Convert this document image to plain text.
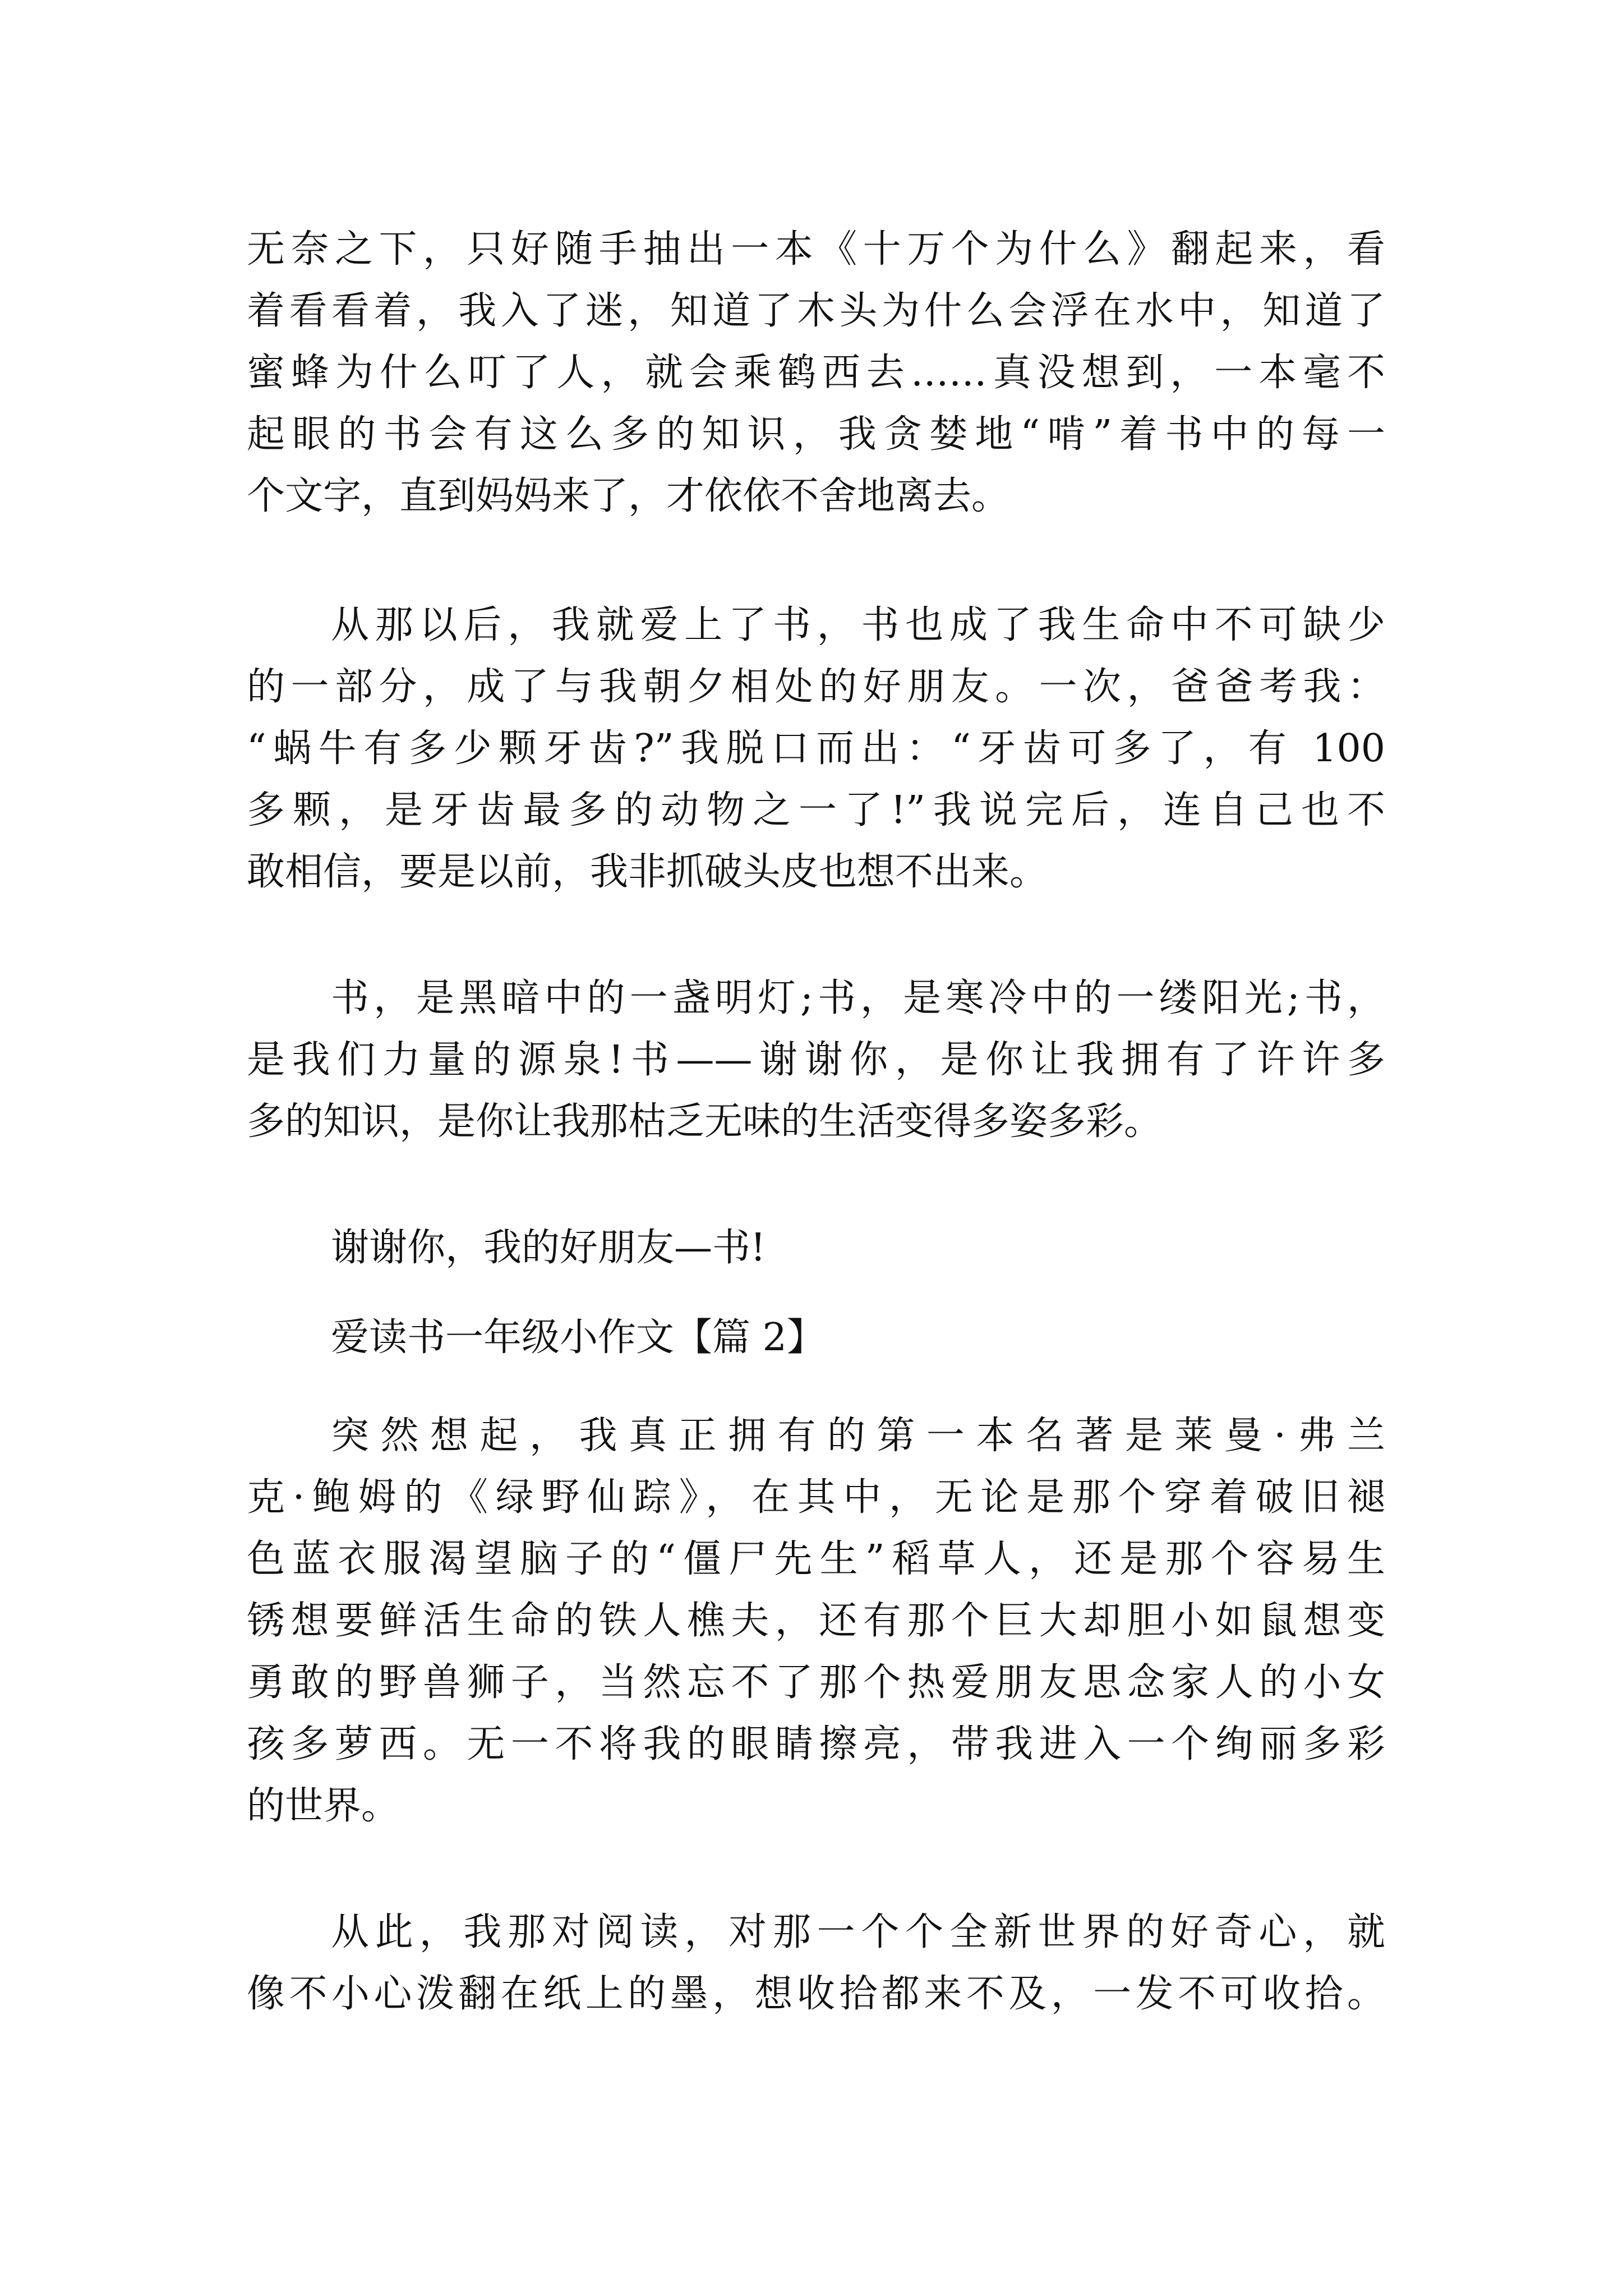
无奈之下，只好随手抽出一本《十万个为什么》翻起来，看
着看看着，我入了迷，知道了木头为什么会浮在水中，知道了
蜜蜂为什么叮了人，就会乘鹤西去……真没想到，一本毫不
起眼的书会有这么多的知识，我贪婪地“啃”着书中的每一
个文字，直到妈妈来了，才依依不舍地离去。
从那以后，我就爱上了书，书也成了我生命中不可缺少
的一部分，成了与我朝夕相处的好朋友。一次，爸爸考我：
“蜗牛有多少颗牙齿?”我脱口而出：“牙齿可多了，有 100
多颗，是牙齿最多的动物之一了!”我说完后，连自己也不
敢相信，要是以前，我非抓破头皮也想不出来。
书，是黑暗中的一盏明灯;书，是寒冷中的一缕阳光;书，
是我们力量的源泉!书——谢谢你，是你让我拥有了许许多
多的知识，是你让我那枯乏无味的生活变得多姿多彩。
谢谢你，我的好朋友—书!
爱读书一年级小作文【篇 2】
突然想起，我真正拥有的第一本名著是莱曼·弗兰
克·鲍姆的《绿野仙踪》，在其中，无论是那个穿着破旧褪
色蓝衣服渴望脑子的“僵尸先生”稻草人，还是那个容易生
锈想要鲜活生命的铁人樵夫，还有那个巨大却胆小如鼠想变
勇敢的野兽狮子，当然忘不了那个热爱朋友思念家人的小女
孩多萝西。无一不将我的眼睛擦亮，带我进入一个绚丽多彩
的世界。
从此，我那对阅读，对那一个个全新世界的好奇心，就
像不小心泼翻在纸上的墨，想收拾都来不及，一发不可收拾。
